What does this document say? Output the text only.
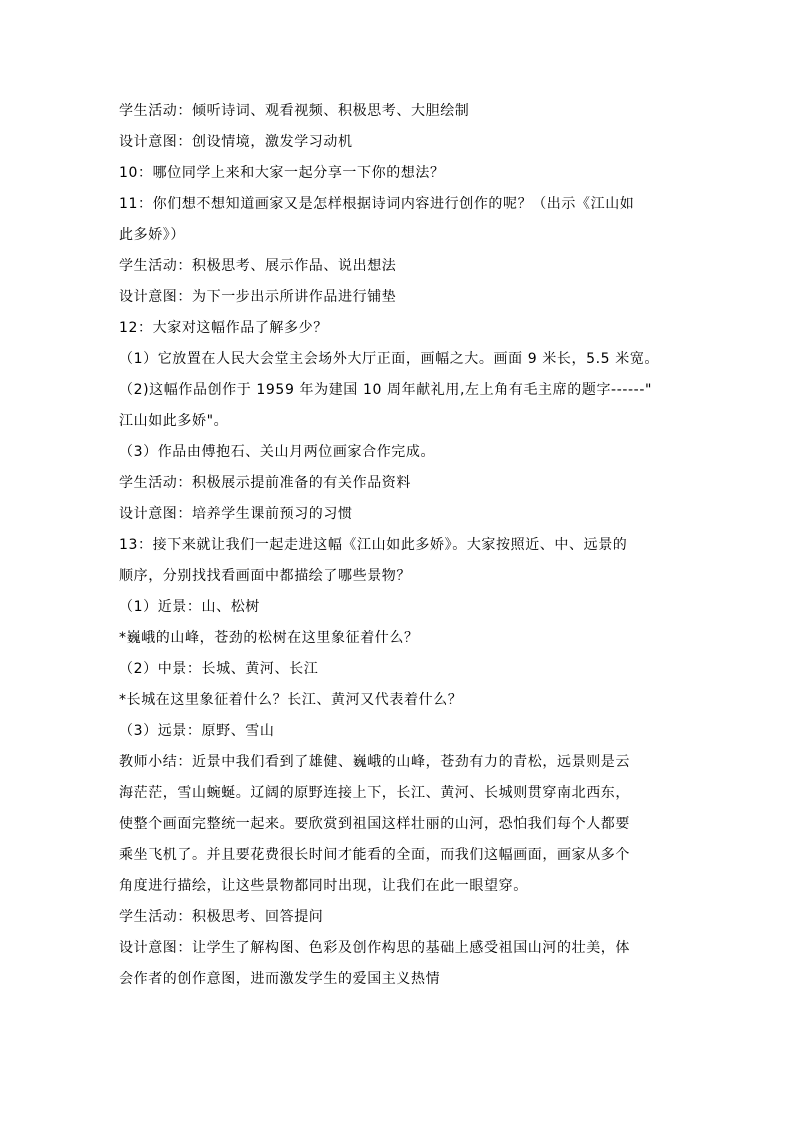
学生活动：倾听诗词、观看视频、积极思考、大胆绘制
设计意图：创设情境，激发学习动机
10：哪位同学上来和大家一起分享一下你的想法？
11：你们想不想知道画家又是怎样根据诗词内容进行创作的呢？（出示《江山如
此多娇》）
学生活动：积极思考、展示作品、说出想法
设计意图：为下一步出示所讲作品进行铺垫
12：大家对这幅作品了解多少？
（1）它放置在人民大会堂主会场外大厅正面，画幅之大。画面 9 米长，5.5 米宽。
（2)这幅作品创作于 1959 年为建国 10 周年献礼用,左上角有毛主席的题字------"
江山如此多娇"。
（3）作品由傅抱石、关山月两位画家合作完成。
学生活动：积极展示提前准备的有关作品资料
设计意图：培养学生课前预习的习惯
13：接下来就让我们一起走进这幅《江山如此多娇》。大家按照近、中、远景的
顺序，分别找找看画面中都描绘了哪些景物？
（1）近景：山、松树
*巍峨的山峰，苍劲的松树在这里象征着什么？
（2）中景：长城、黄河、长江
*长城在这里象征着什么？长江、黄河又代表着什么？
（3）远景：原野、雪山
教师小结：近景中我们看到了雄健、巍峨的山峰，苍劲有力的青松，远景则是云
海茫茫，雪山蜿蜒。辽阔的原野连接上下，长江、黄河、长城则贯穿南北西东，
使整个画面完整统一起来。要欣赏到祖国这样壮丽的山河，恐怕我们每个人都要
乘坐飞机了。并且要花费很长时间才能看的全面，而我们这幅画面，画家从多个
角度进行描绘，让这些景物都同时出现，让我们在此一眼望穿。
学生活动：积极思考、回答提问
设计意图：让学生了解构图、色彩及创作构思的基础上感受祖国山河的壮美，体
会作者的创作意图，进而激发学生的爱国主义热情
